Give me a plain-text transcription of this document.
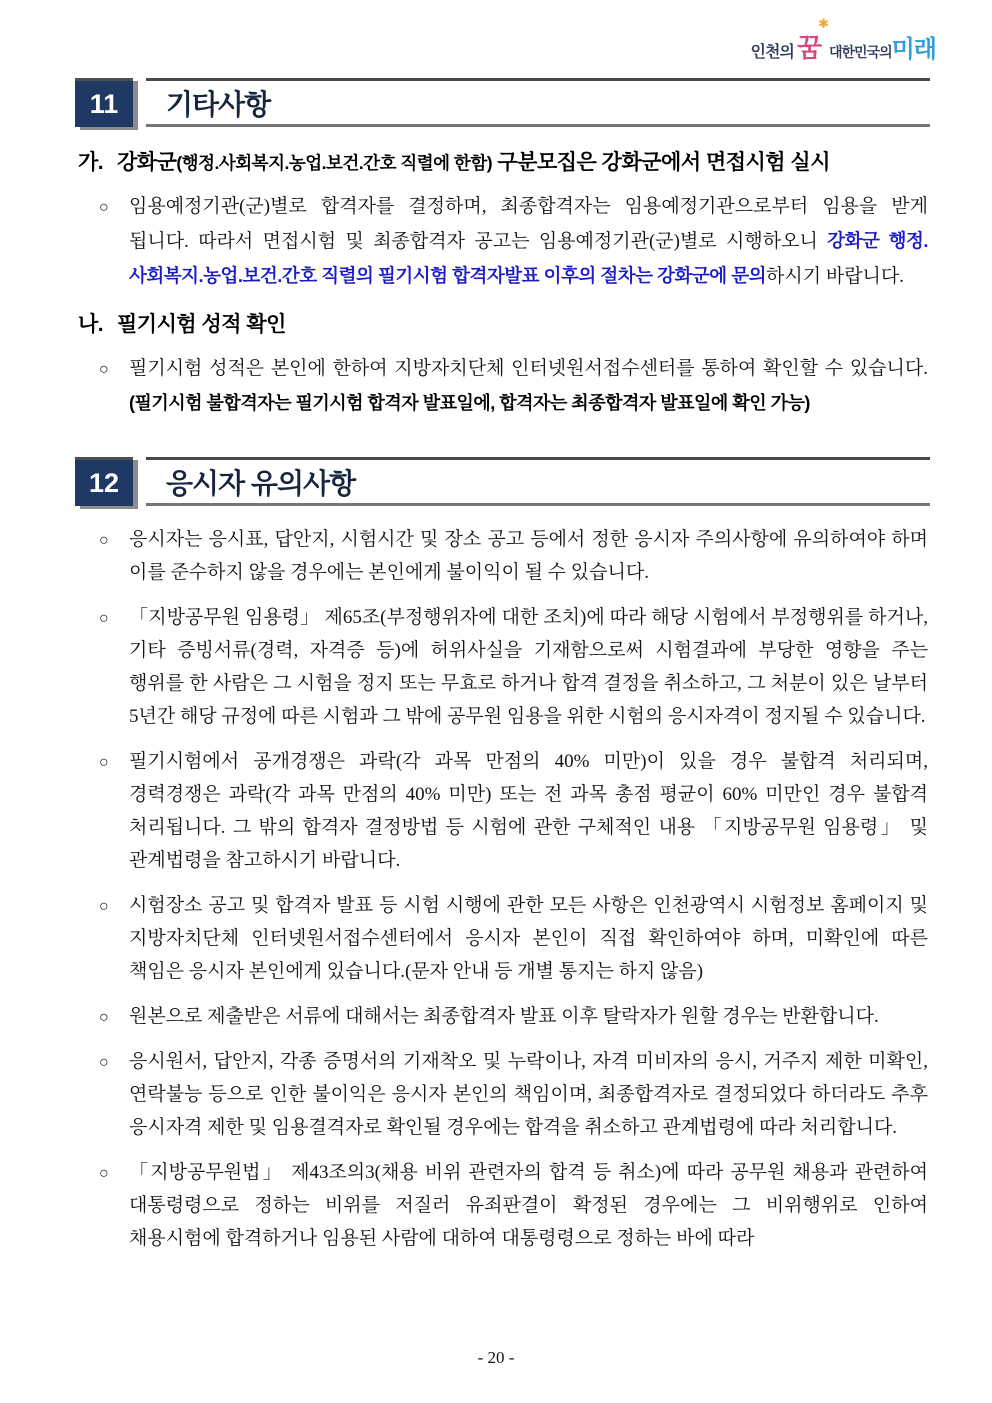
인천의
✱
꿈 대한민국의미래
11	기타사항
가. 강화군(행정.사회복지.농업.보건.간호 직렬에 한함) 구분모집은 강화군에서 면접시험 실시
○ 임용예정기관(군)별로 합격자를 결정하며, 최종합격자는 임용예정기관으로부터 임용을 받게 됩니다. 따라서 면접시험 및 최종합격자 공고는 임용예정기관(군)별로 시행하오니 강화군 행정.사회복지.농업.보건.간호 직렬의 필기시험 합격자발표 이후의 절차는 강화군에 문의하시기 바랍니다.
나. 필기시험 성적 확인
○ 필기시험 성적은 본인에 한하여 지방자치단체 인터넷원서접수센터를 통하여 확인할 수 있습니다.(필기시험 불합격자는 필기시험 합격자 발표일에, 합격자는 최종합격자 발표일에 확인 가능)
12	응시자 유의사항
○ 응시자는 응시표, 답안지, 시험시간 및 장소 공고 등에서 정한 응시자 주의사항에 유의하여야 하며 이를 준수하지 않을 경우에는 본인에게 불이익이 될 수 있습니다.
○ 「지방공무원 임용령」 제65조(부정행위자에 대한 조치)에 따라 해당 시험에서 부정행위를 하거나, 기타 증빙서류(경력, 자격증 등)에 허위사실을 기재함으로써 시험결과에 부당한 영향을 주는 행위를 한 사람은 그 시험을 정지 또는 무효로 하거나 합격 결정을 취소하고, 그 처분이 있은 날부터 5년간 해당 규정에 따른 시험과 그 밖에 공무원 임용을 위한 시험의 응시자격이 정지될 수 있습니다.
○ 필기시험에서 공개경쟁은 과락(각 과목 만점의 40% 미만)이 있을 경우 불합격 처리되며, 경력경쟁은 과락(각 과목 만점의 40% 미만) 또는 전 과목 총점 평균이 60% 미만인 경우 불합격 처리됩니다. 그 밖의 합격자 결정방법 등 시험에 관한 구체적인 내용 「지방공무원 임용령」 및 관계법령을 참고하시기 바랍니다.
○ 시험장소 공고 및 합격자 발표 등 시험 시행에 관한 모든 사항은 인천광역시 시험정보 홈페이지 및 지방자치단체 인터넷원서접수센터에서 응시자 본인이 직접 확인하여야 하며, 미확인에 따른 책임은 응시자 본인에게 있습니다.(문자 안내 등 개별 통지는 하지 않음)
○ 원본으로 제출받은 서류에 대해서는 최종합격자 발표 이후 탈락자가 원할 경우는 반환합니다.
○ 응시원서, 답안지, 각종 증명서의 기재착오 및 누락이나, 자격 미비자의 응시, 거주지 제한 미확인, 연락불능 등으로 인한 불이익은 응시자 본인의 책임이며, 최종합격자로 결정되었다 하더라도 추후 응시자격 제한 및 임용결격자로 확인될 경우에는 합격을 취소하고 관계법령에 따라 처리합니다.
○ 「지방공무원법」 제43조의3(채용 비위 관련자의 합격 등 취소)에 따라 공무원 채용과 관련하여 대통령령으로 정하는 비위를 저질러 유죄판결이 확정된 경우에는 그 비위행위로 인하여 채용시험에 합격하거나 임용된 사람에 대하여 대통령령으로 정하는 바에 따라
- 20 -
